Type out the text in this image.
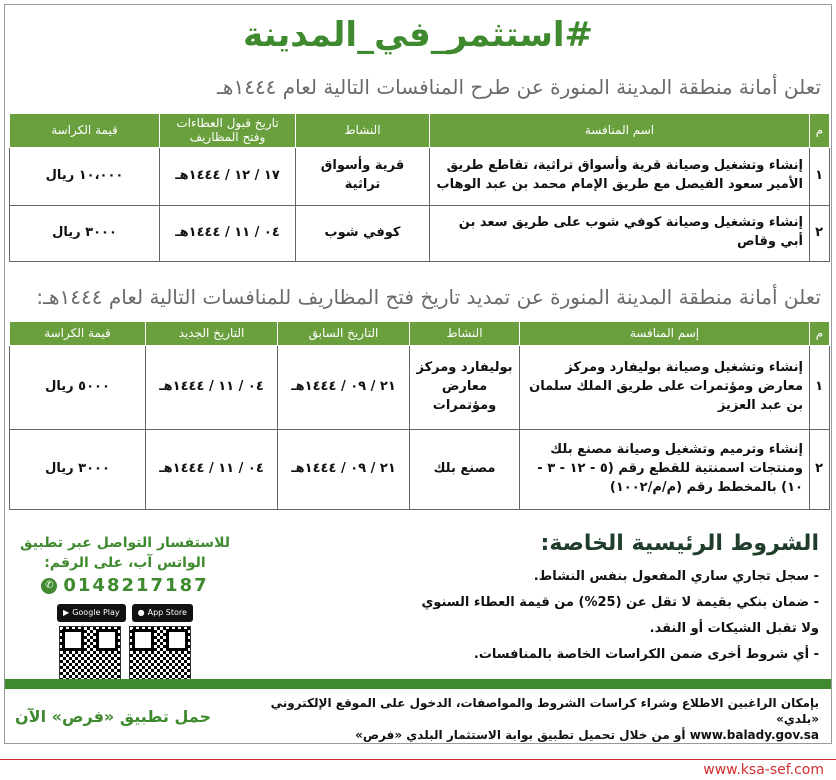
#استثمر_في_المدينة
تعلن أمانة منطقة المدينة المنورة عن طرح المنافسات التالية لعام ١٤٤٤هـ
م	اسم المنافسة	النشاط	تاريخ قبول العطاءات وفتح المظاريف	قيمة الكراسة
١	إنشاء وتشغيل وصيانة قرية وأسواق تراثية، تقاطع طريق الأمير سعود الفيصل مع طريق الإمام محمد بن عبد الوهاب	قرية وأسواق تراثية	١٧ / ١٢ / ١٤٤٤هـ	١٠،٠٠٠ ريال
٢	إنشاء وتشغيل وصيانة كوفي شوب على طريق سعد بن أبي وقاص	كوفي شوب	٠٤ / ١١ / ١٤٤٤هـ	٣٠٠٠ ريال
تعلن أمانة منطقة المدينة المنورة عن تمديد تاريخ فتح المظاريف للمنافسات التالية لعام ١٤٤٤هـ:
م	إسم المنافسة	النشاط	التاريخ السابق	التاريخ الجديد	قيمة الكراسة
١	إنشاء وتشغيل وصيانة بوليفارد ومركز معارض ومؤتمرات على طريق الملك سلمان بن عبد العزيز	بوليفارد ومركز معارض ومؤتمرات	٢١ / ٠٩ / ١٤٤٤هـ	٠٤ / ١١ / ١٤٤٤هـ	٥٠٠٠ ريال
٢	إنشاء وترميم وتشغيل وصيانة مصنع بلك ومنتجات اسمنتية للقطع رقم (٥ - ١٢ - ٣ - ١٠) بالمخطط رقم (م/م/١٠٠٢)	مصنع بلك	٢١ / ٠٩ / ١٤٤٤هـ	٠٤ / ١١ / ١٤٤٤هـ	٣٠٠٠ ريال
الشروط الرئيسية الخاصة:
- سجل تجاري ساري المفعول بنفس النشاط.
- ضمان بنكي بقيمة لا تقل عن (25%) من قيمة العطاء السنوي
ولا تقبل الشيكات أو النقد.
- أي شروط أخرى ضمن الكراسات الخاصة بالمنافسات.
للاستفسار التواصل عبر تطبيق
الواتس آب، على الرقم:
✆ 0148217187
▶ Google Play ● App Store
بإمكان الراغبين الاطلاع وشراء كراسات الشروط والمواصفات، الدخول على الموقع الإلكتروني «بلدي»
www.balady.gov.sa أو من خلال تحميل تطبيق بوابة الاستثمار البلدي «فرص»
حمل تطبيق «فرص» الآن
www.ksa-sef.com
